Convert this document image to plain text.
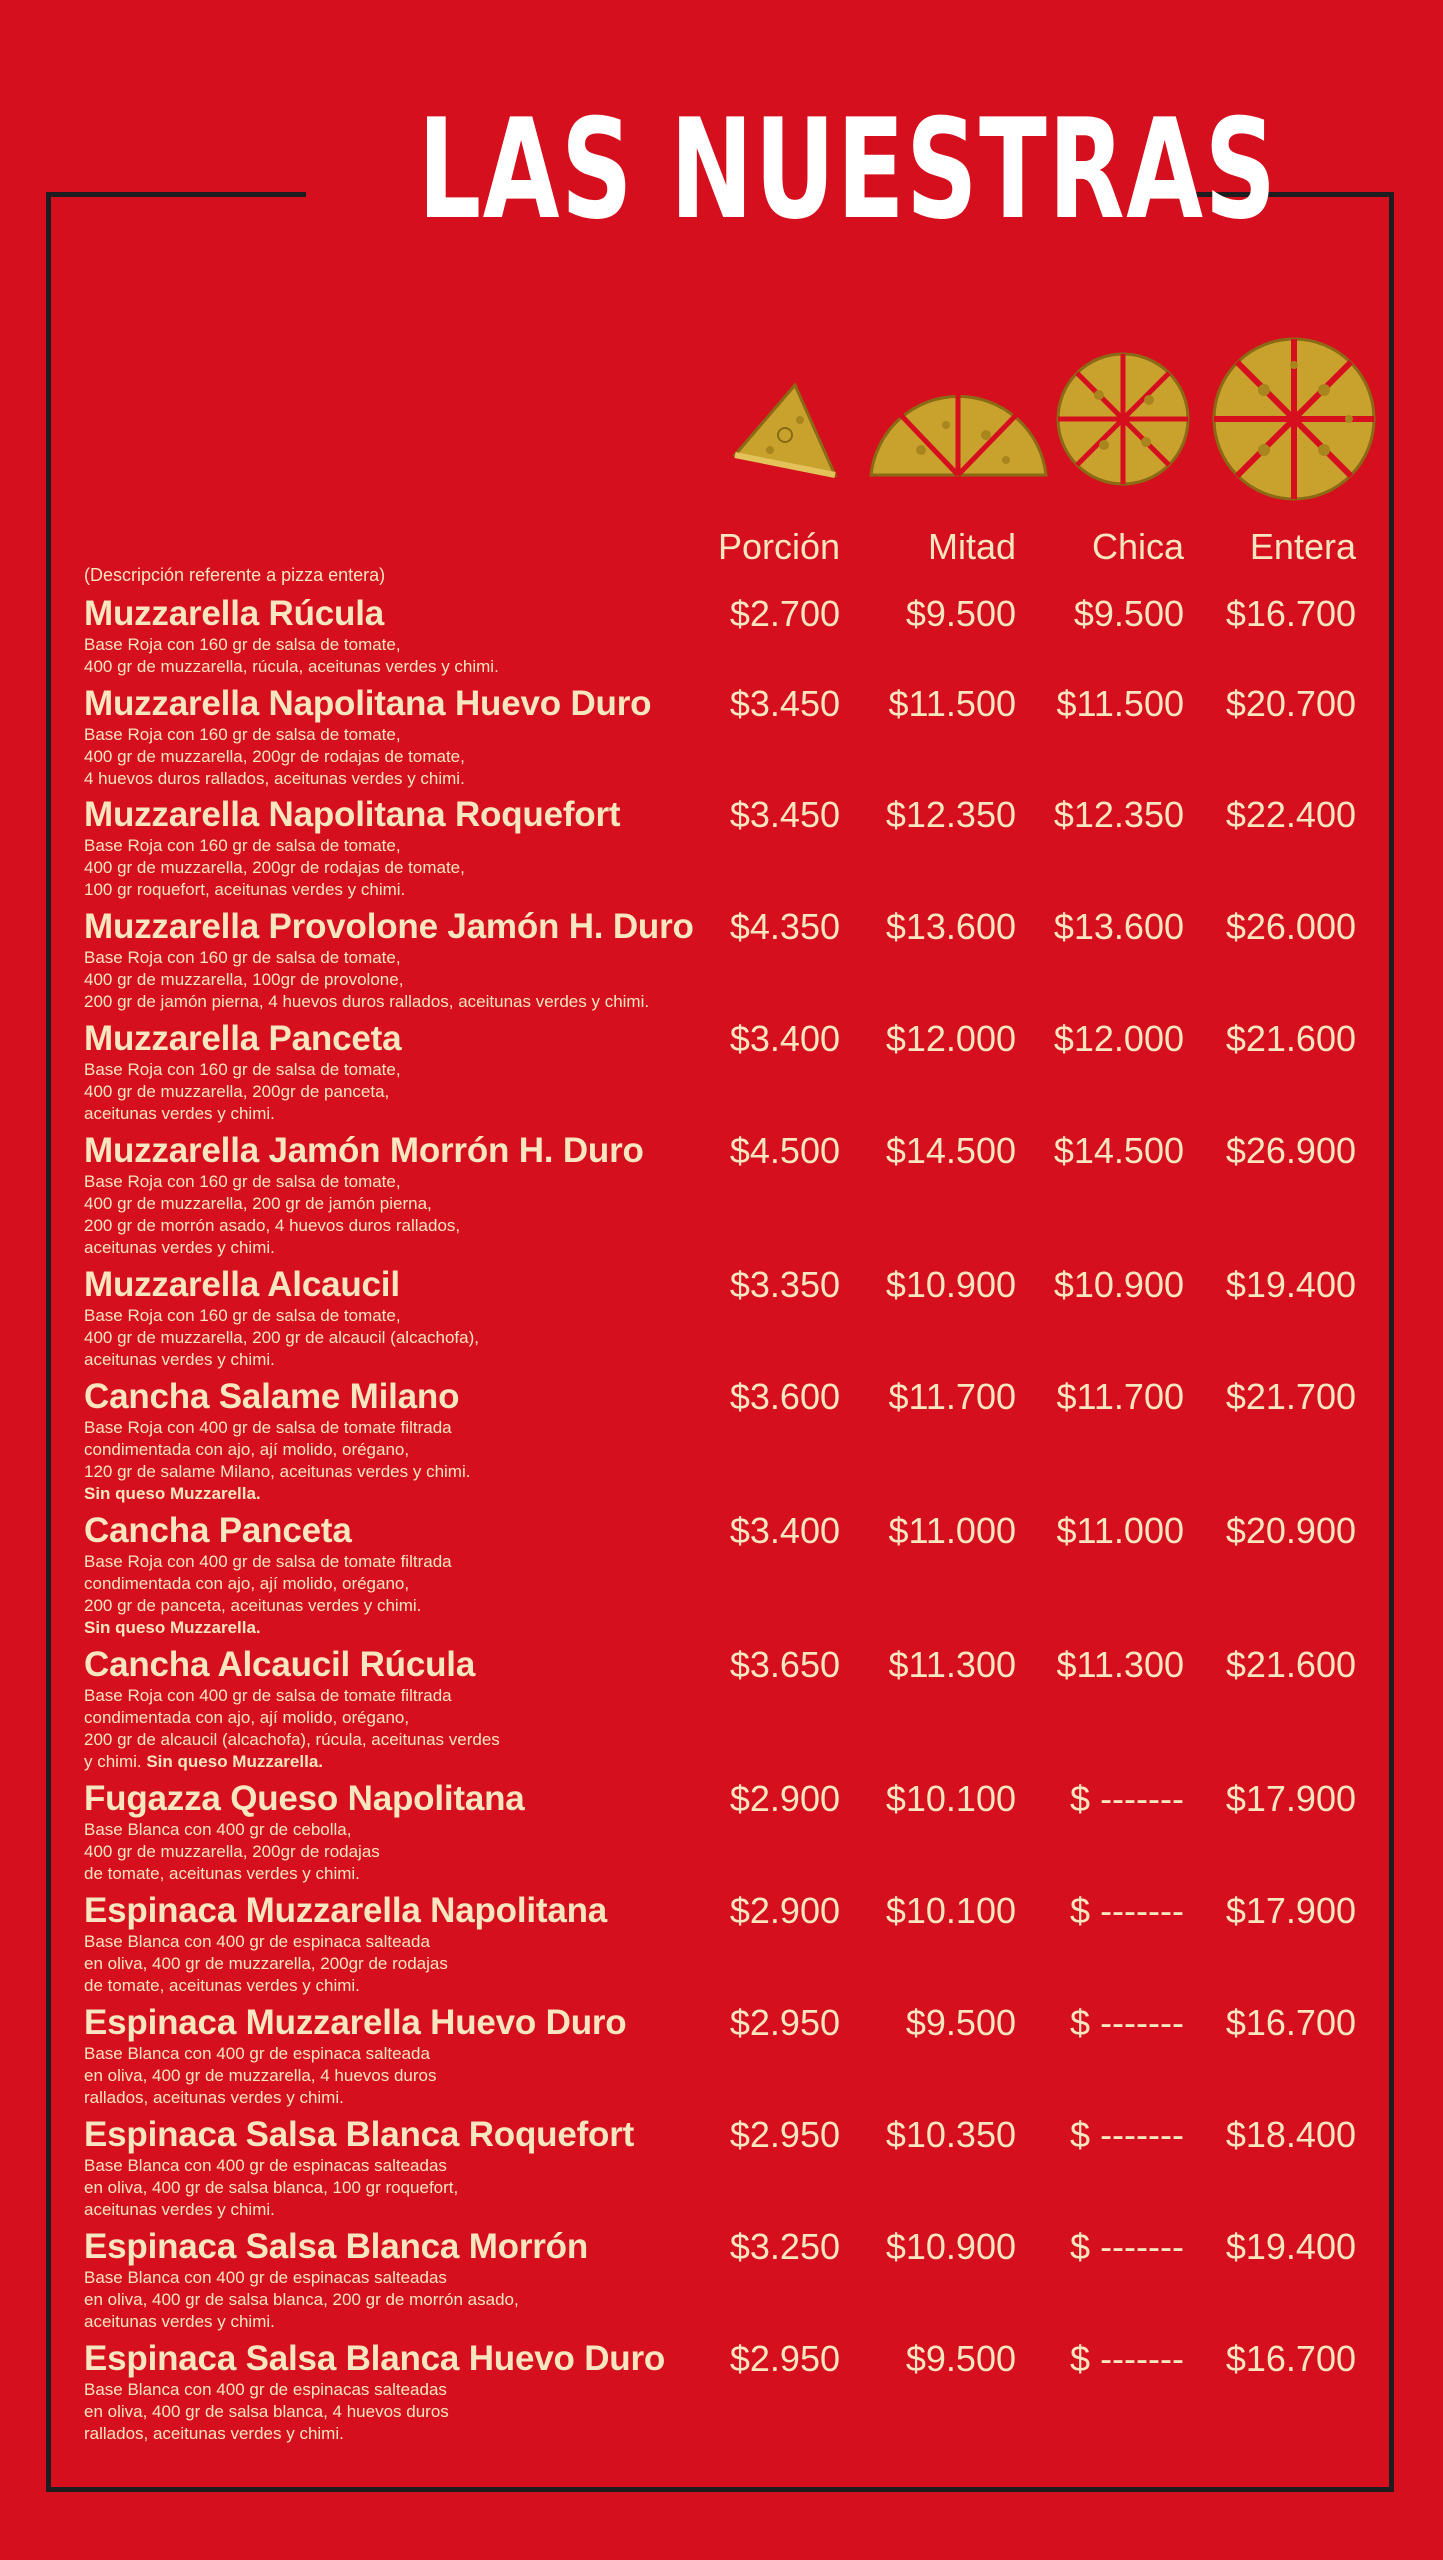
LAS NUESTRAS
Porción	Mitad	Chica	Entera
(Descripción referente a pizza entera)
Muzzarella Rúcula
Base Roja con 160 gr de salsa de tomate,
400 gr de muzzarella, rúcula, aceitunas verdes y chimi.
$2.700	$9.500	$9.500	$16.700
Muzzarella Napolitana Huevo Duro
Base Roja con 160 gr de salsa de tomate,
400 gr de muzzarella, 200gr de rodajas de tomate,
4 huevos duros rallados, aceitunas verdes y chimi.
$3.450	$11.500	$11.500	$20.700
Muzzarella Napolitana Roquefort
Base Roja con 160 gr de salsa de tomate,
400 gr de muzzarella, 200gr de rodajas de tomate,
100 gr roquefort, aceitunas verdes y chimi.
$3.450	$12.350	$12.350	$22.400
Muzzarella Provolone Jamón H. Duro
Base Roja con 160 gr de salsa de tomate,
400 gr de muzzarella, 100gr de provolone,
200 gr de jamón pierna, 4 huevos duros rallados, aceitunas verdes y chimi.
$4.350	$13.600	$13.600	$26.000
Muzzarella Panceta
Base Roja con 160 gr de salsa de tomate,
400 gr de muzzarella, 200gr de panceta,
aceitunas verdes y chimi.
$3.400	$12.000	$12.000	$21.600
Muzzarella Jamón Morrón H. Duro
Base Roja con 160 gr de salsa de tomate,
400 gr de muzzarella, 200 gr de jamón pierna,
200 gr de morrón asado, 4 huevos duros rallados,
aceitunas verdes y chimi.
$4.500	$14.500	$14.500	$26.900
Muzzarella Alcaucil
Base Roja con 160 gr de salsa de tomate,
400 gr de muzzarella, 200 gr de alcaucil (alcachofa),
aceitunas verdes y chimi.
$3.350	$10.900	$10.900	$19.400
Cancha Salame Milano
Base Roja con 400 gr de salsa de tomate filtrada
condimentada con ajo, ají molido, orégano,
120 gr de salame Milano, aceitunas verdes y chimi.
Sin queso Muzzarella.
$3.600	$11.700	$11.700	$21.700
Cancha Panceta
Base Roja con 400 gr de salsa de tomate filtrada
condimentada con ajo, ají molido, orégano,
200 gr de panceta, aceitunas verdes y chimi.
Sin queso Muzzarella.
$3.400	$11.000	$11.000	$20.900
Cancha Alcaucil Rúcula
Base Roja con 400 gr de salsa de tomate filtrada
condimentada con ajo, ají molido, orégano,
200 gr de alcaucil (alcachofa), rúcula, aceitunas verdes
y chimi. Sin queso Muzzarella.
$3.650	$11.300	$11.300	$21.600
Fugazza Queso Napolitana
Base Blanca con 400 gr de cebolla,
400 gr de muzzarella, 200gr de rodajas
de tomate, aceitunas verdes y chimi.
$2.900	$10.100	$ -------	$17.900
Espinaca Muzzarella Napolitana
Base Blanca con 400 gr de espinaca salteada
en oliva, 400 gr de muzzarella, 200gr de rodajas
de tomate, aceitunas verdes y chimi.
$2.900	$10.100	$ -------	$17.900
Espinaca Muzzarella Huevo Duro
Base Blanca con 400 gr de espinaca salteada
en oliva, 400 gr de muzzarella, 4 huevos duros
rallados, aceitunas verdes y chimi.
$2.950	$9.500	$ -------	$16.700
Espinaca Salsa Blanca Roquefort
Base Blanca con 400 gr de espinacas salteadas
en oliva, 400 gr de salsa blanca, 100 gr roquefort,
aceitunas verdes y chimi.
$2.950	$10.350	$ -------	$18.400
Espinaca Salsa Blanca Morrón
Base Blanca con 400 gr de espinacas salteadas
en oliva, 400 gr de salsa blanca, 200 gr de morrón asado,
aceitunas verdes y chimi.
$3.250	$10.900	$ -------	$19.400
Espinaca Salsa Blanca Huevo Duro
Base Blanca con 400 gr de espinacas salteadas
en oliva, 400 gr de salsa blanca, 4 huevos duros
rallados, aceitunas verdes y chimi.
$2.950	$9.500	$ -------	$16.700
